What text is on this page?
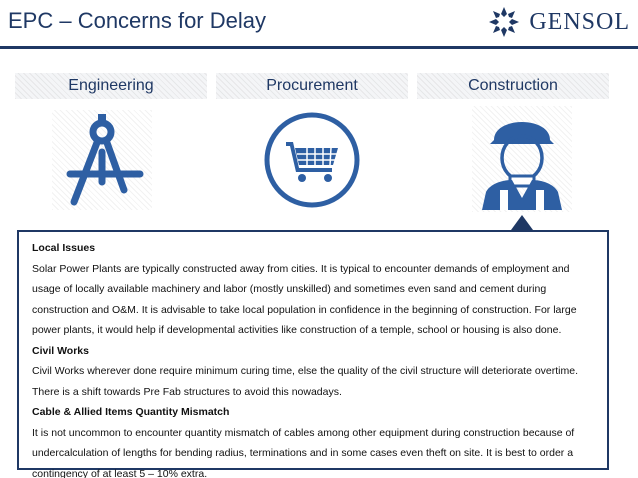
EPC – Concerns for Delay	GENSOL
Engineering	Procurement	Construction
Local Issues
Solar Power Plants are typically constructed away from cities. It is typical to encounter demands of employment and
usage of locally available machinery and labor (mostly unskilled) and sometimes even sand and cement during
construction and O&M. It is advisable to take local population in confidence in the beginning of construction. For large
power plants, it would help if developmental activities like construction of a temple, school or housing is also done.
Civil Works
Civil Works wherever done require minimum curing time, else the quality of the civil structure will deteriorate overtime.
There is a shift towards Pre Fab structures to avoid this nowadays.
Cable & Allied Items Quantity Mismatch
It is not uncommon to encounter quantity mismatch of cables among other equipment during construction because of
undercalculation of lengths for bending radius, terminations and in some cases even theft on site. It is best to order a
contingency of at least 5 – 10% extra.
